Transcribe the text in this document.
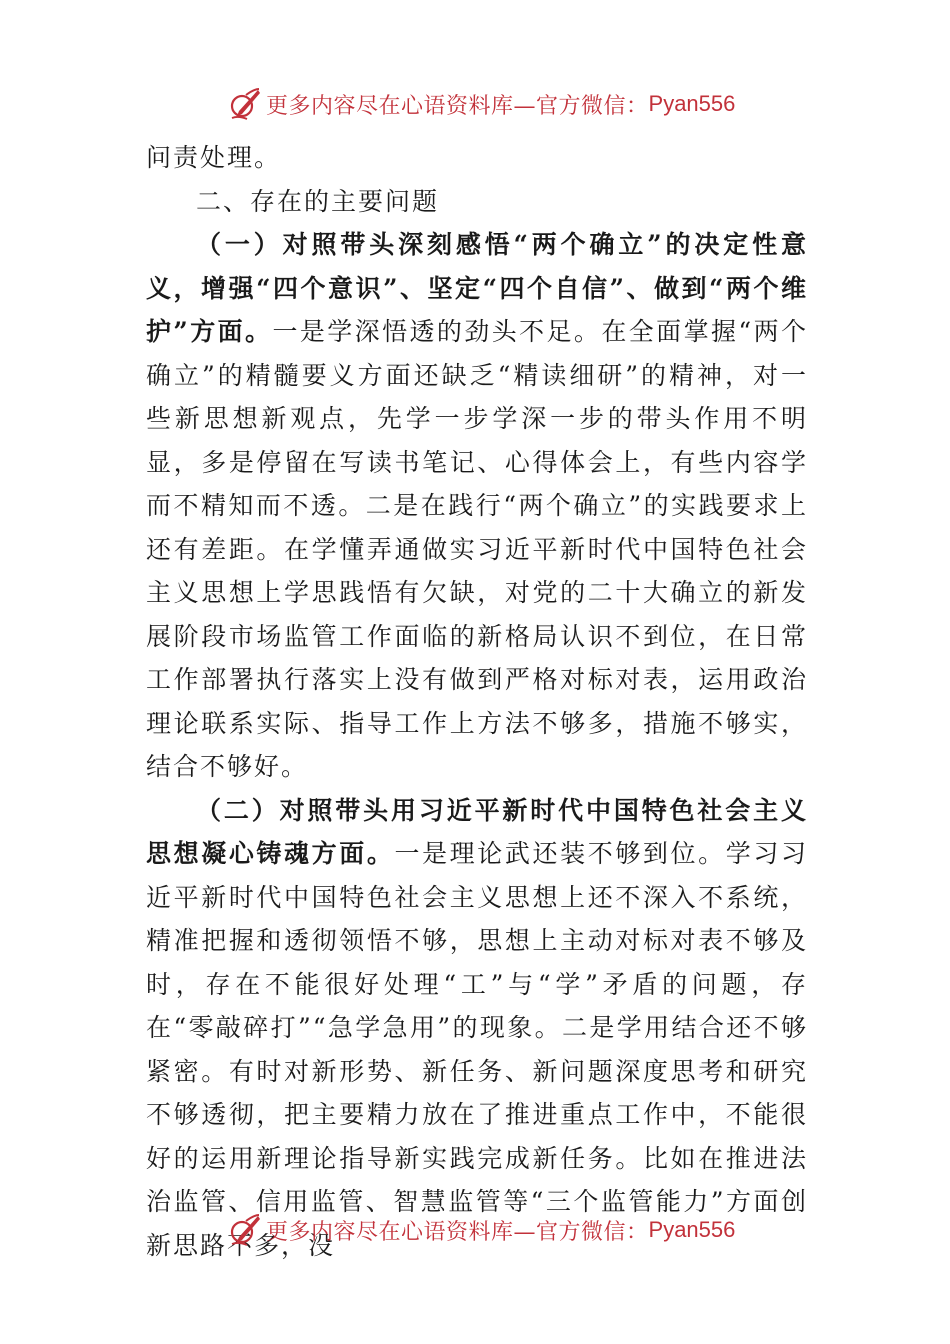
更多内容尽在心语资料库—官方微信： Pyan556

问责处理。

二、存在的主要问题

（一）对照带头深刻感悟“两个确立”的决定性意义，增强“四个意识”、坚定“四个自信”、做到“两个维护”方面。一是学深悟透的劲头不足。在全面掌握“两个确立”的精髓要义方面还缺乏“精读细研”的精神，对一些新思想新观点，先学一步学深一步的带头作用不明显，多是停留在写读书笔记、心得体会上，有些内容学而不精知而不透。二是在践行“两个确立”的实践要求上还有差距。在学懂弄通做实习近平新时代中国特色社会主义思想上学思践悟有欠缺，对党的二十大确立的新发展阶段市场监管工作面临的新格局认识不到位，在日常工作部署执行落实上没有做到严格对标对表，运用政治理论联系实际、指导工作上方法不够多，措施不够实，结合不够好。

（二）对照带头用习近平新时代中国特色社会主义思想凝心铸魂方面。一是理论武还装不够到位。学习习近平新时代中国特色社会主义思想上还不深入不系统，精准把握和透彻领悟不够，思想上主动对标对表不够及时，存在不能很好处理“工”与“学”矛盾的问题，存在“零敲碎打”“急学急用”的现象。二是学用结合还不够紧密。有时对新形势、新任务、新问题深度思考和研究不够透彻，把主要精力放在了推进重点工作中，不能很好的运用新理论指导新实践完成新任务。比如在推进法治监管、信用监管、智慧监管等“三个监管能力”方面创新思路不多，没

更多内容尽在心语资料库—官方微信： Pyan556
